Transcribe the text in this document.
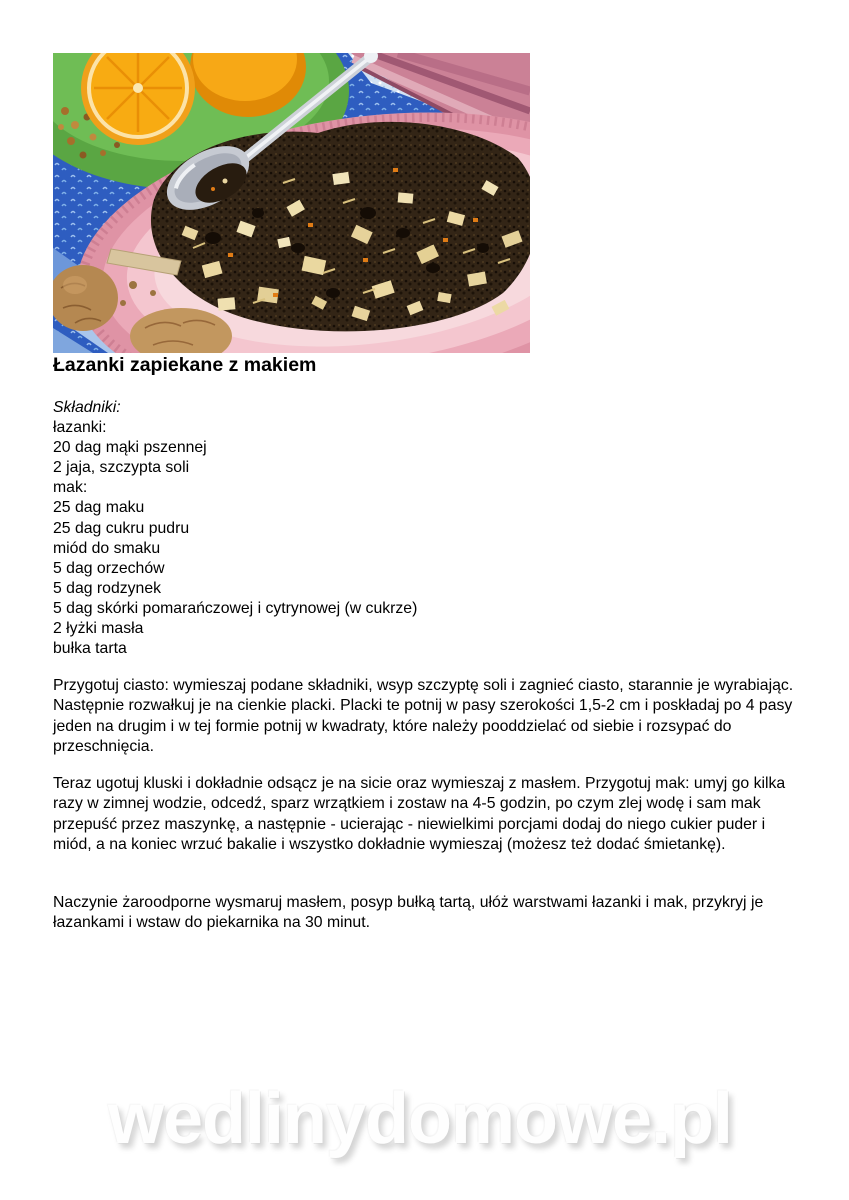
Łazanki zapiekane z makiem
Składniki:
łazanki:
20 dag mąki pszennej
2 jaja, szczypta soli
mak:
25 dag maku
25 dag cukru pudru
miód do smaku
5 dag orzechów
5 dag rodzynek
5 dag skórki pomarańczowej i cytrynowej (w cukrze)
2 łyżki masła
bułka tarta

Przygotuj ciasto: wymieszaj podane składniki, wsyp szczyptę soli i zagnieć ciasto, starannie je wyrabiając. Następnie rozwałkuj je na cienkie placki. Placki te potnij w pasy szerokości 1,5-2 cm i poskładaj po 4 pasy jeden na drugim i w tej formie potnij w kwadraty, które należy pooddzielać od siebie i rozsypać do przeschnięcia.

Teraz ugotuj kluski i dokładnie odsącz je na sicie oraz wymieszaj z masłem. Przygotuj mak: umyj go kilka razy w zimnej wodzie, odcedź, sparz wrzątkiem i zostaw na 4-5 godzin, po czym zlej wodę i sam mak przepuść przez maszynkę, a następnie - ucierając - niewielkimi porcjami dodaj do niego cukier puder i miód, a na koniec wrzuć bakalie i wszystko dokładnie wymieszaj (możesz też dodać śmietankę).

Naczynie żaroodporne wysmaruj masłem, posyp bułką tartą, ułóż warstwami łazanki i mak, przykryj je łazankami i wstaw do piekarnika na 30 minut.

wedlinydomowe.pl
